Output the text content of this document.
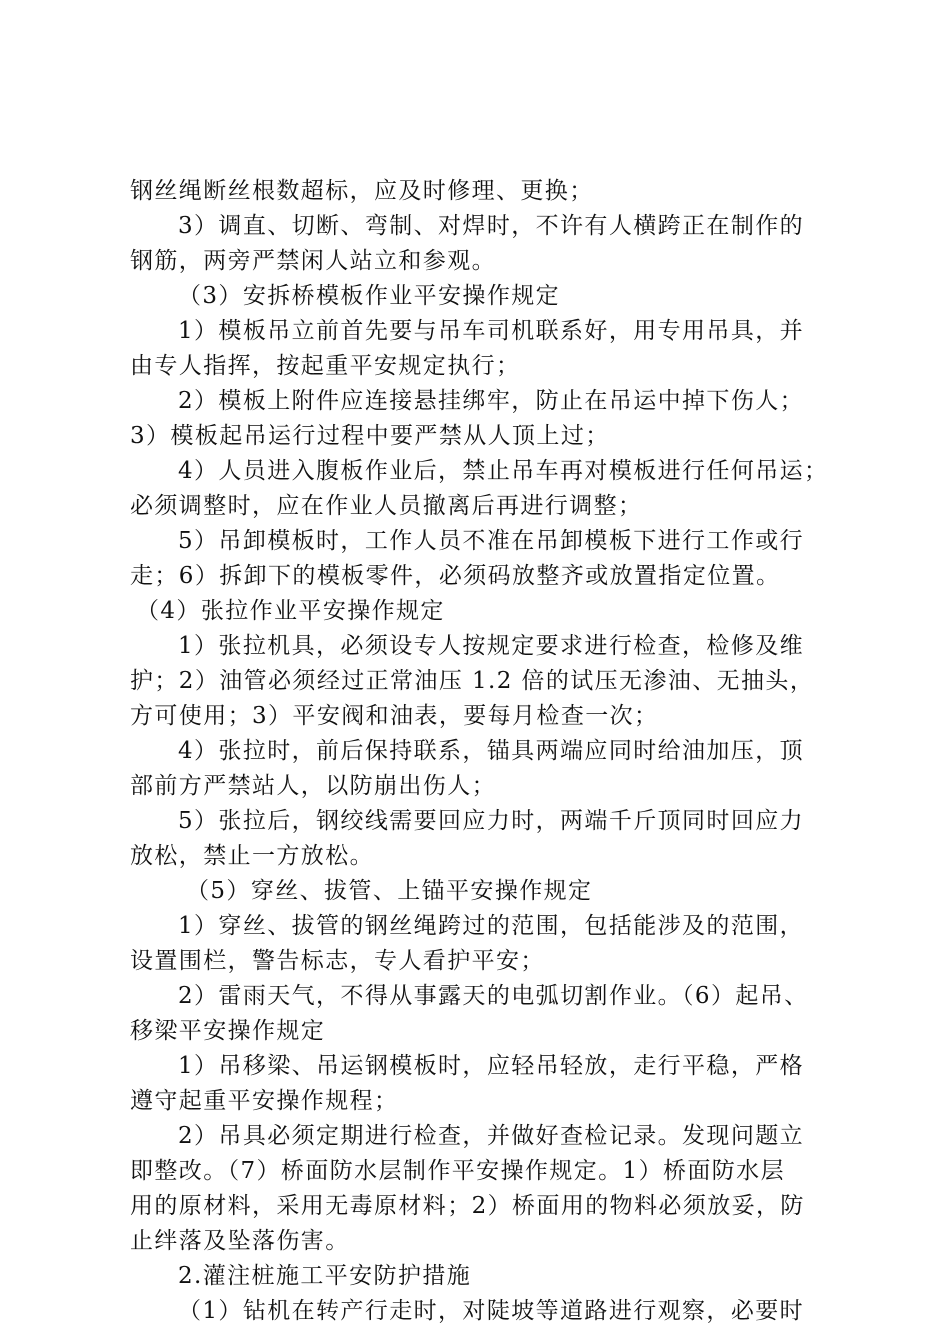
钢丝绳断丝根数超标，应及时修理、更换；
3）调直、切断、弯制、对焊时，不许有人横跨正在制作的
钢筋，两旁严禁闲人站立和参观。
（3）安拆桥模板作业平安操作规定
1）模板吊立前首先要与吊车司机联系好，用专用吊具，并
由专人指挥，按起重平安规定执行；
2）模板上附件应连接悬挂绑牢，防止在吊运中掉下伤人；
3）模板起吊运行过程中要严禁从人顶上过；
4）人员进入腹板作业后，禁止吊车再对模板进行任何吊运；
必须调整时，应在作业人员撤离后再进行调整；
5）吊卸模板时，工作人员不准在吊卸模板下进行工作或行
走；6）拆卸下的模板零件，必须码放整齐或放置指定位置。
（4）张拉作业平安操作规定
1）张拉机具，必须设专人按规定要求进行检查，检修及维
护；2）油管必须经过正常油压 1.2 倍的试压无渗油、无抽头，
方可使用；3）平安阀和油表，要每月检查一次；
4）张拉时，前后保持联系，锚具两端应同时给油加压，顶
部前方严禁站人，以防崩出伤人；
5）张拉后，钢绞线需要回应力时，两端千斤顶同时回应力
放松，禁止一方放松。
（5）穿丝、拔管、上锚平安操作规定
1）穿丝、拔管的钢丝绳跨过的范围，包括能涉及的范围，
设置围栏，警告标志，专人看护平安；
2）雷雨天气，不得从事露天的电弧切割作业。（6）起吊、
移梁平安操作规定
1）吊移梁、吊运钢模板时，应轻吊轻放，走行平稳，严格
遵守起重平安操作规程；
2）吊具必须定期进行检查，并做好查检记录。发现问题立
即整改。（7）桥面防水层制作平安操作规定。1）桥面防水层
用的原材料，采用无毒原材料；2）桥面用的物料必须放妥，防
止绊落及坠落伤害。
2.灌注桩施工平安防护措施
（1）钻机在转产行走时，对陡坡等道路进行观察，必要时
